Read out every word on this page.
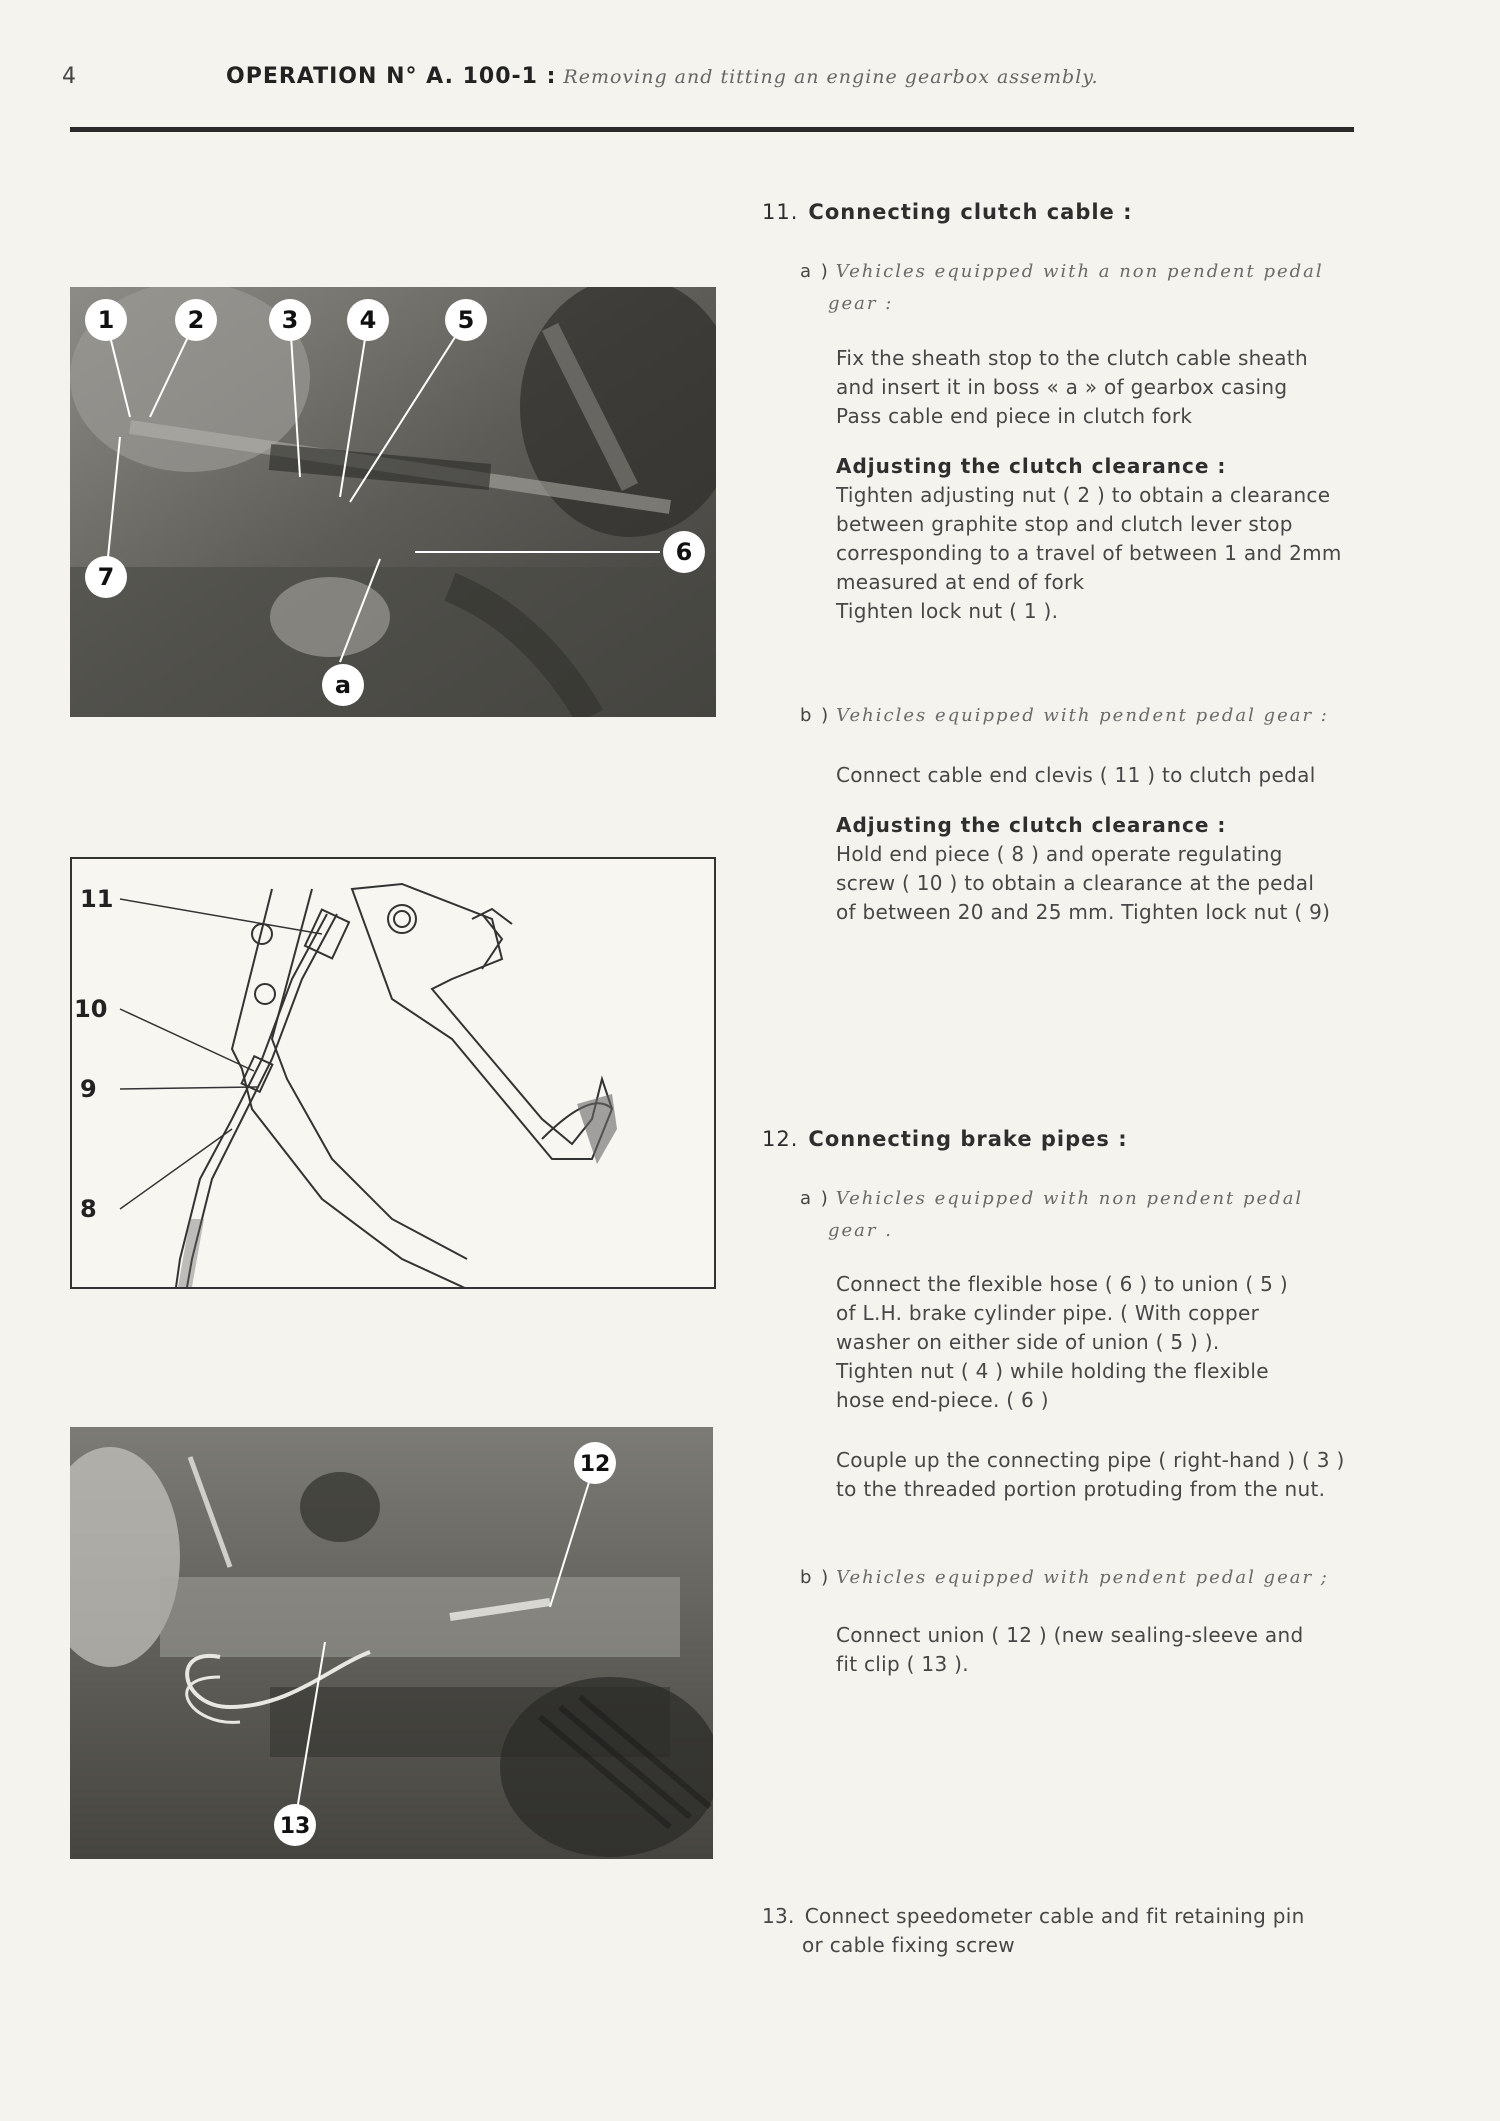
4	OPERATION N° A. 100-1 : Removing and titting an engine gearbox assembly.
1	2	3	4	5
6
7
a
11
10
9
8
12
13
11. Connecting clutch cable :
a ) Vehicles equipped with a non pendent pedal
gear :
Fix the sheath stop to the clutch cable sheath
and insert it in boss « a » of gearbox casing
Pass cable end piece in clutch fork
Adjusting the clutch clearance :
Tighten adjusting nut ( 2 ) to obtain a clearance
between graphite stop and clutch lever stop
corresponding to a travel of between 1 and 2mm
measured at end of fork
Tighten lock nut ( 1 ).
b ) Vehicles equipped with pendent pedal gear :
Connect cable end clevis ( 11 ) to clutch pedal
Adjusting the clutch clearance :
Hold end piece ( 8 ) and operate regulating
screw ( 10 ) to obtain a clearance at the pedal
of between 20 and 25 mm. Tighten lock nut ( 9)
12. Connecting brake pipes :
a ) Vehicles equipped with non pendent pedal
gear .
Connect the flexible hose ( 6 ) to union ( 5 )
of L.H. brake cylinder pipe. ( With copper
washer on either side of union ( 5 ) ).
Tighten nut ( 4 ) while holding the flexible
hose end-piece. ( 6 )
Couple up the connecting pipe ( right-hand ) ( 3 )
to the threaded portion protuding from the nut.
b ) Vehicles equipped with pendent pedal gear ;
Connect union ( 12 ) (new sealing-sleeve and
fit clip ( 13 ).
13. Connect speedometer cable and fit retaining pin
or cable fixing screw
